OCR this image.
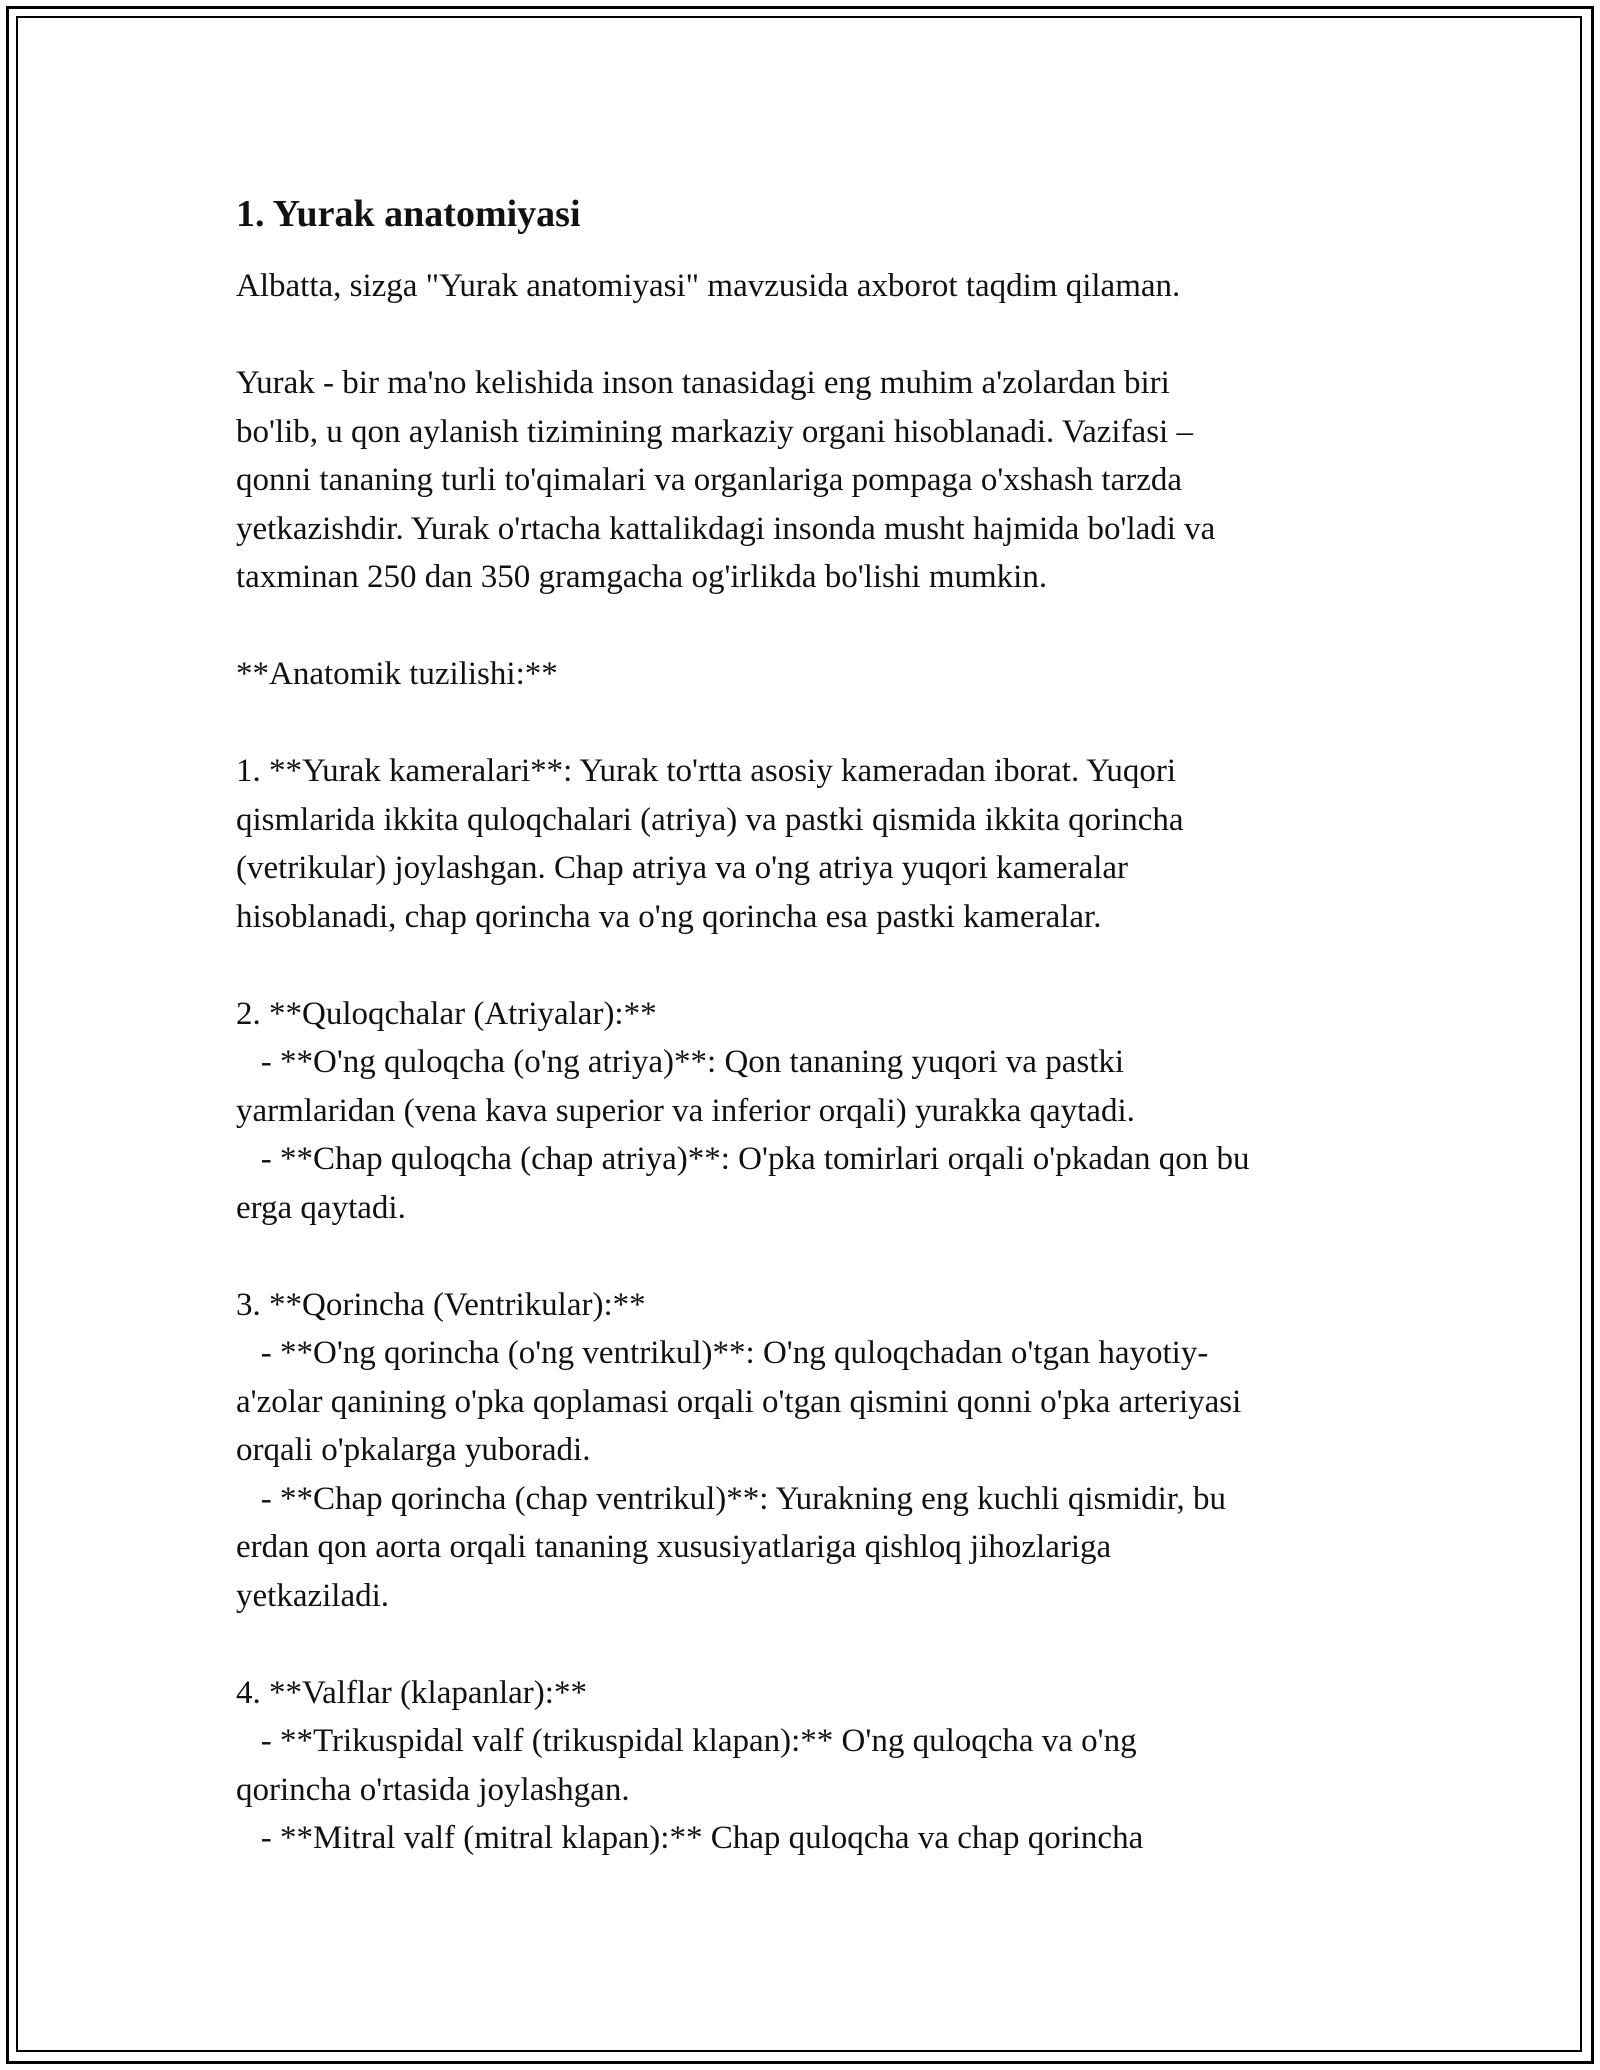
1. Yurak anatomiyasi

Albatta, sizga "Yurak anatomiyasi" mavzusida axborot taqdim qilaman.

Yurak - bir ma'no kelishida inson tanasidagi eng muhim a'zolardan biri
bo'lib, u qon aylanish tizimining markaziy organi hisoblanadi. Vazifasi –
qonni tananing turli to'qimalari va organlariga pompaga o'xshash tarzda
yetkazishdir. Yurak o'rtacha kattalikdagi insonda musht hajmida bo'ladi va
taxminan 250 dan 350 gramgacha og'irlikda bo'lishi mumkin.

**Anatomik tuzilishi:**

1. **Yurak kameralari**: Yurak to'rtta asosiy kameradan iborat. Yuqori
qismlarida ikkita quloqchalari (atriya) va pastki qismida ikkita qorincha
(vetrikular) joylashgan. Chap atriya va o'ng atriya yuqori kameralar
hisoblanadi, chap qorincha va o'ng qorincha esa pastki kameralar.

2. **Quloqchalar (Atriyalar):**
- **O'ng quloqcha (o'ng atriya)**: Qon tananing yuqori va pastki
yarmlaridan (vena kava superior va inferior orqali) yurakka qaytadi.
- **Chap quloqcha (chap atriya)**: O'pka tomirlari orqali o'pkadan qon bu
erga qaytadi.

3. **Qorincha (Ventrikular):**
- **O'ng qorincha (o'ng ventrikul)**: O'ng quloqchadan o'tgan hayotiy-
a'zolar qanining o'pka qoplamasi orqali o'tgan qismini qonni o'pka arteriyasi
orqali o'pkalarga yuboradi.
- **Chap qorincha (chap ventrikul)**: Yurakning eng kuchli qismidir, bu
erdan qon aorta orqali tananing xususiyatlariga qishloq jihozlariga
yetkaziladi.

4. **Valflar (klapanlar):**
- **Trikuspidal valf (trikuspidal klapan):** O'ng quloqcha va o'ng
qorincha o'rtasida joylashgan.
- **Mitral valf (mitral klapan):** Chap quloqcha va chap qorincha
